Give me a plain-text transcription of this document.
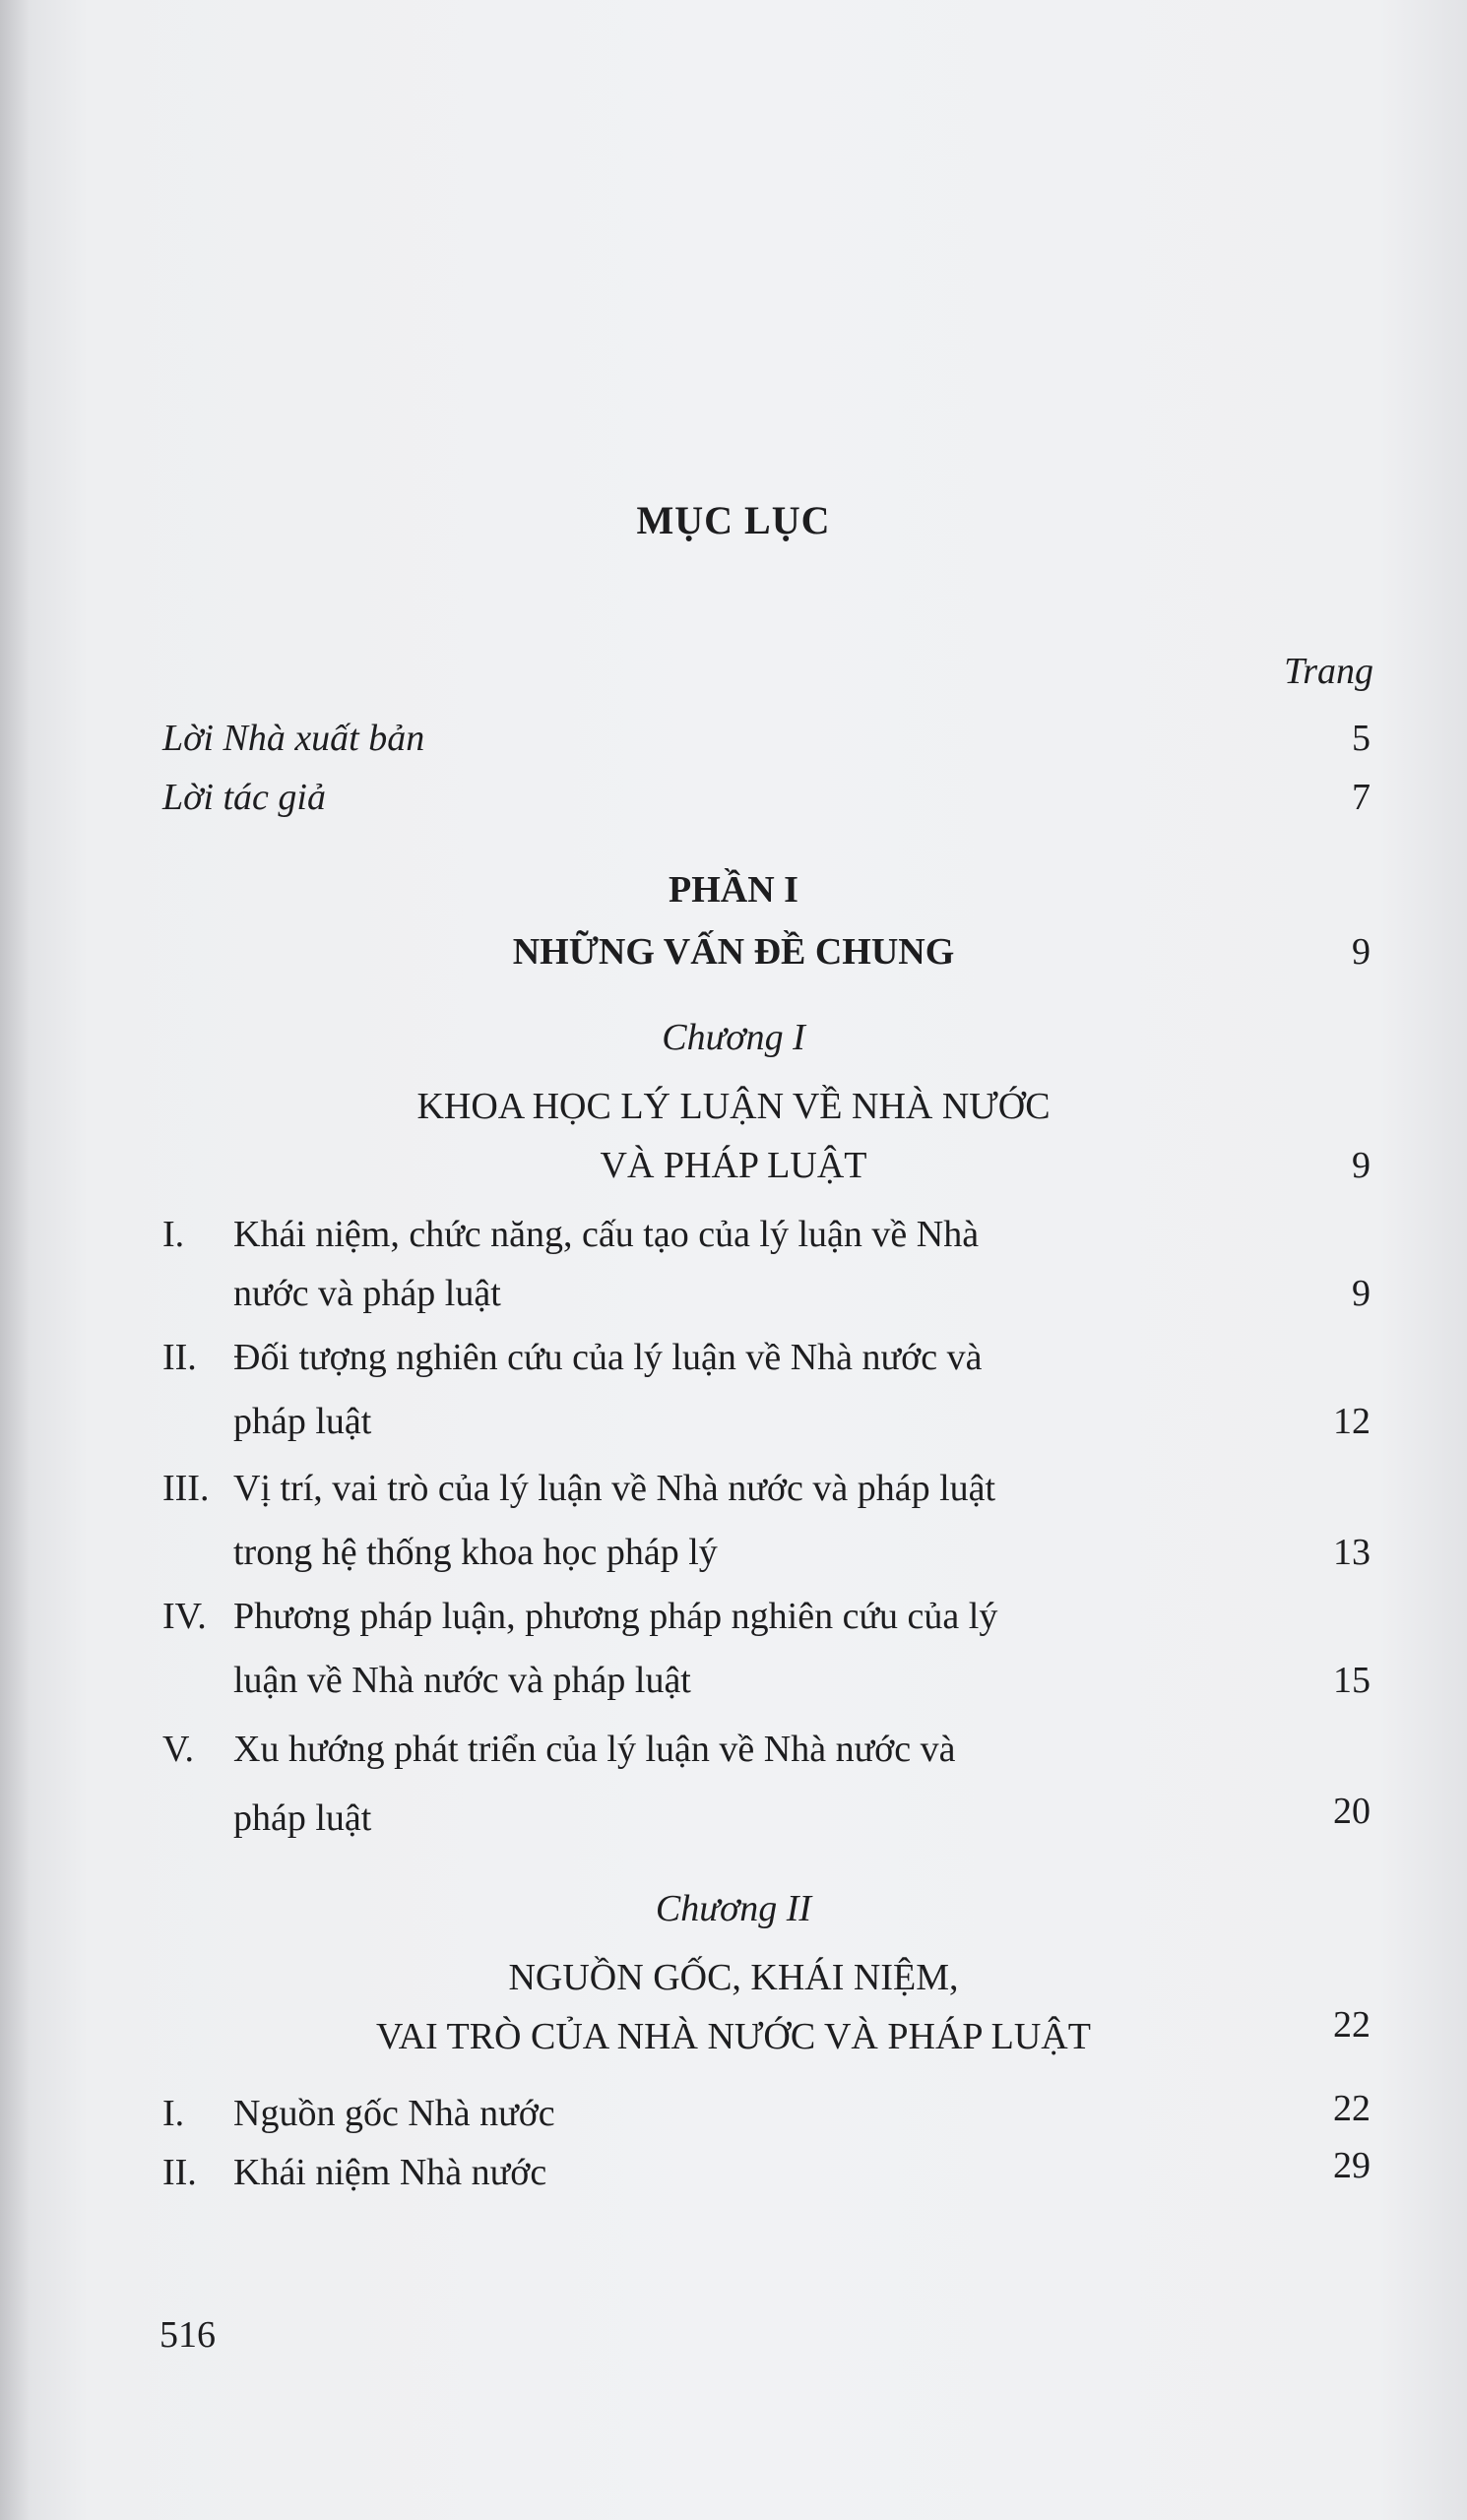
MỤC LỤC
Trang
Lời Nhà xuất bản	5
Lời tác giả	7
PHẦN I
NHỮNG VẤN ĐỀ CHUNG	9
Chương I
KHOA HỌC LÝ LUẬN VỀ NHÀ NƯỚC
VÀ PHÁP LUẬT	9
I. Khái niệm, chức năng, cấu tạo của lý luận về Nhà
nước và pháp luật	9
II. Đối tượng nghiên cứu của lý luận về Nhà nước và
pháp luật	12
III. Vị trí, vai trò của lý luận về Nhà nước và pháp luật
trong hệ thống khoa học pháp lý	13
IV. Phương pháp luận, phương pháp nghiên cứu của lý
luận về Nhà nước và pháp luật	15
V. Xu hướng phát triển của lý luận về Nhà nước và
pháp luật	20
Chương II
NGUỒN GỐC, KHÁI NIỆM,
VAI TRÒ CỦA NHÀ NƯỚC VÀ PHÁP LUẬT	22
I. Nguồn gốc Nhà nước	22
II. Khái niệm Nhà nước	29
516
